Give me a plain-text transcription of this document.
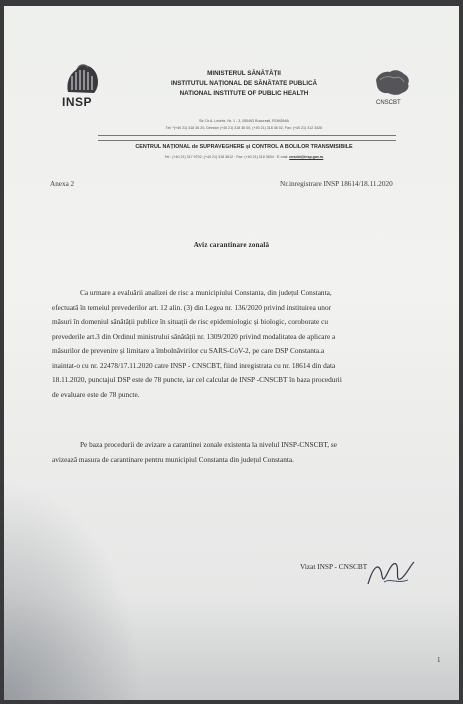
INSP	CNSCBT
MINISTERUL SĂNĂTĂȚII
INSTITUTUL NAȚIONAL DE SĂNĂTATE PUBLICĂ
NATIONAL INSTITUTE OF PUBLIC HEALTH
Str. Dr.A. Leonte, Nr. 1 - 3, 050463 București, ROMÂNIA
Tel: *(+40 21) 318 36 20, Director (+40 21) 318 36 00, (+40 21) 318 36 02, Fax: (+40 21) 312 3426
CENTRUL NAȚIONAL de SUPRAVEGHERE și CONTROL A BOLILOR TRANSMISIBILE
Tel.: (+40 21) 317 9702; (+40 21) 318 3612 · Fax: (+40 21) 318 3634 · E-mail: cnscbt@insp.gov.ro
Anexa 2	Nr.inregistrare INSP 18614/18.11.2020
Aviz carantinare zonală
Ca urmare a evaluării analizei de risc a municipiului Constanta, din județul Constanta,
efectuată în temeiul prevederilor art. 12 alin. (3) din Legea nr. 136/2020 privind instituirea unor
măsuri în domeniul sănătății publice în situații de risc epidemiologic și biologic, coroborate cu
prevederile art.3 din Ordinul ministrului sănătății nr. 1309/2020 privind modalitatea de aplicare a
măsurilor de prevenire și limitare a îmbolnăvirilor cu SARS-CoV-2, pe care DSP Constanta.a
inaintat-o cu nr. 22478/17.11.2020 catre INSP - CNSCBT, fiind inregistrata cu nr. 18614 din data
18.11.2020, punctajul DSP este de 78 puncte, iar cel calculat de INSP -CNSCBT în baza procedurii
de evaluare este de 78 puncte.
Pe baza procedurii de avizare a carantinei zonale existenta la nivelul INSP-CNSCBT, se
avizează masura de carantinare pentru municipiul Constanta din județul Constanta.
Vizat INSP - CNSCBT
1
